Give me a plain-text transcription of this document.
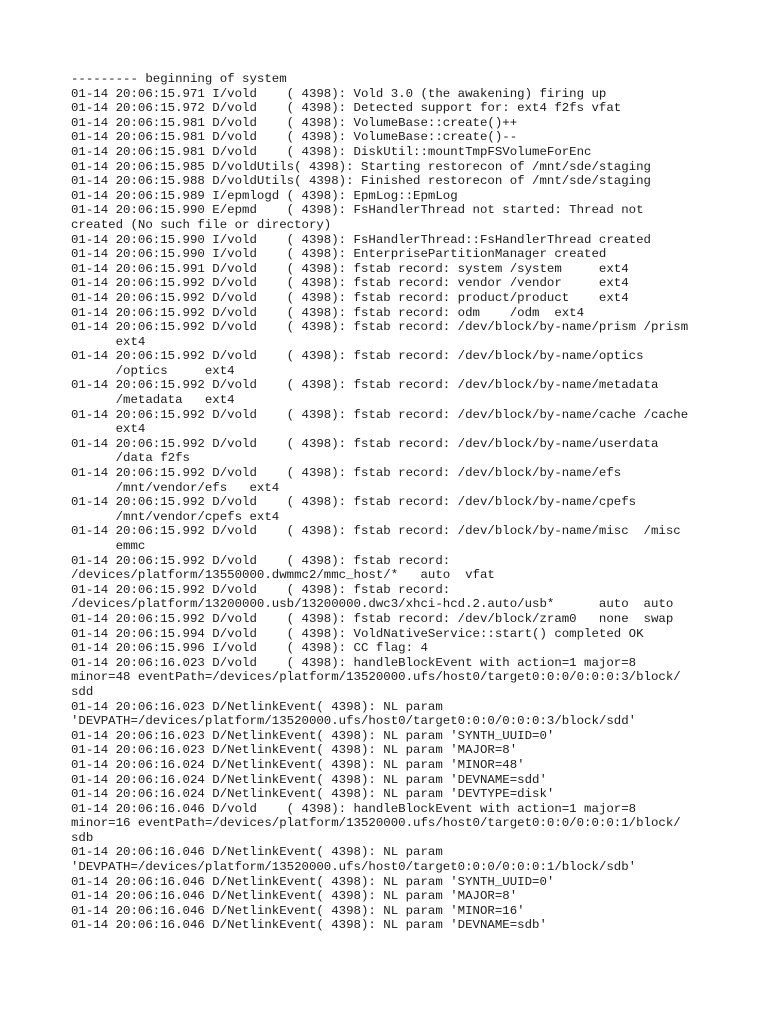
--------- beginning of system
01-14 20:06:15.971 I/vold    ( 4398): Vold 3.0 (the awakening) firing up
01-14 20:06:15.972 D/vold    ( 4398): Detected support for: ext4 f2fs vfat
01-14 20:06:15.981 D/vold    ( 4398): VolumeBase::create()++
01-14 20:06:15.981 D/vold    ( 4398): VolumeBase::create()--
01-14 20:06:15.981 D/vold    ( 4398): DiskUtil::mountTmpFSVolumeForEnc
01-14 20:06:15.985 D/voldUtils( 4398): Starting restorecon of /mnt/sde/staging
01-14 20:06:15.988 D/voldUtils( 4398): Finished restorecon of /mnt/sde/staging
01-14 20:06:15.989 I/epmlogd ( 4398): EpmLog::EpmLog
01-14 20:06:15.990 E/epmd    ( 4398): FsHandlerThread not started: Thread not
created (No such file or directory)
01-14 20:06:15.990 I/vold    ( 4398): FsHandlerThread::FsHandlerThread created
01-14 20:06:15.990 I/vold    ( 4398): EnterprisePartitionManager created
01-14 20:06:15.991 D/vold    ( 4398): fstab record: system /system     ext4
01-14 20:06:15.992 D/vold    ( 4398): fstab record: vendor /vendor     ext4
01-14 20:06:15.992 D/vold    ( 4398): fstab record: product/product    ext4
01-14 20:06:15.992 D/vold    ( 4398): fstab record: odm    /odm  ext4
01-14 20:06:15.992 D/vold    ( 4398): fstab record: /dev/block/by-name/prism /prism
ext4
01-14 20:06:15.992 D/vold    ( 4398): fstab record: /dev/block/by-name/optics
/optics     ext4
01-14 20:06:15.992 D/vold    ( 4398): fstab record: /dev/block/by-name/metadata
/metadata   ext4
01-14 20:06:15.992 D/vold    ( 4398): fstab record: /dev/block/by-name/cache /cache
ext4
01-14 20:06:15.992 D/vold    ( 4398): fstab record: /dev/block/by-name/userdata
/data f2fs
01-14 20:06:15.992 D/vold    ( 4398): fstab record: /dev/block/by-name/efs
/mnt/vendor/efs   ext4
01-14 20:06:15.992 D/vold    ( 4398): fstab record: /dev/block/by-name/cpefs
/mnt/vendor/cpefs ext4
01-14 20:06:15.992 D/vold    ( 4398): fstab record: /dev/block/by-name/misc  /misc
emmc
01-14 20:06:15.992 D/vold    ( 4398): fstab record:
/devices/platform/13550000.dwmmc2/mmc_host/*   auto  vfat
01-14 20:06:15.992 D/vold    ( 4398): fstab record:
/devices/platform/13200000.usb/13200000.dwc3/xhci-hcd.2.auto/usb*      auto  auto
01-14 20:06:15.992 D/vold    ( 4398): fstab record: /dev/block/zram0   none  swap
01-14 20:06:15.994 D/vold    ( 4398): VoldNativeService::start() completed OK
01-14 20:06:15.996 I/vold    ( 4398): CC flag: 4
01-14 20:06:16.023 D/vold    ( 4398): handleBlockEvent with action=1 major=8
minor=48 eventPath=/devices/platform/13520000.ufs/host0/target0:0:0/0:0:0:3/block/
sdd
01-14 20:06:16.023 D/NetlinkEvent( 4398): NL param
'DEVPATH=/devices/platform/13520000.ufs/host0/target0:0:0/0:0:0:3/block/sdd'
01-14 20:06:16.023 D/NetlinkEvent( 4398): NL param 'SYNTH_UUID=0'
01-14 20:06:16.023 D/NetlinkEvent( 4398): NL param 'MAJOR=8'
01-14 20:06:16.024 D/NetlinkEvent( 4398): NL param 'MINOR=48'
01-14 20:06:16.024 D/NetlinkEvent( 4398): NL param 'DEVNAME=sdd'
01-14 20:06:16.024 D/NetlinkEvent( 4398): NL param 'DEVTYPE=disk'
01-14 20:06:16.046 D/vold    ( 4398): handleBlockEvent with action=1 major=8
minor=16 eventPath=/devices/platform/13520000.ufs/host0/target0:0:0/0:0:0:1/block/
sdb
01-14 20:06:16.046 D/NetlinkEvent( 4398): NL param
'DEVPATH=/devices/platform/13520000.ufs/host0/target0:0:0/0:0:0:1/block/sdb'
01-14 20:06:16.046 D/NetlinkEvent( 4398): NL param 'SYNTH_UUID=0'
01-14 20:06:16.046 D/NetlinkEvent( 4398): NL param 'MAJOR=8'
01-14 20:06:16.046 D/NetlinkEvent( 4398): NL param 'MINOR=16'
01-14 20:06:16.046 D/NetlinkEvent( 4398): NL param 'DEVNAME=sdb'
